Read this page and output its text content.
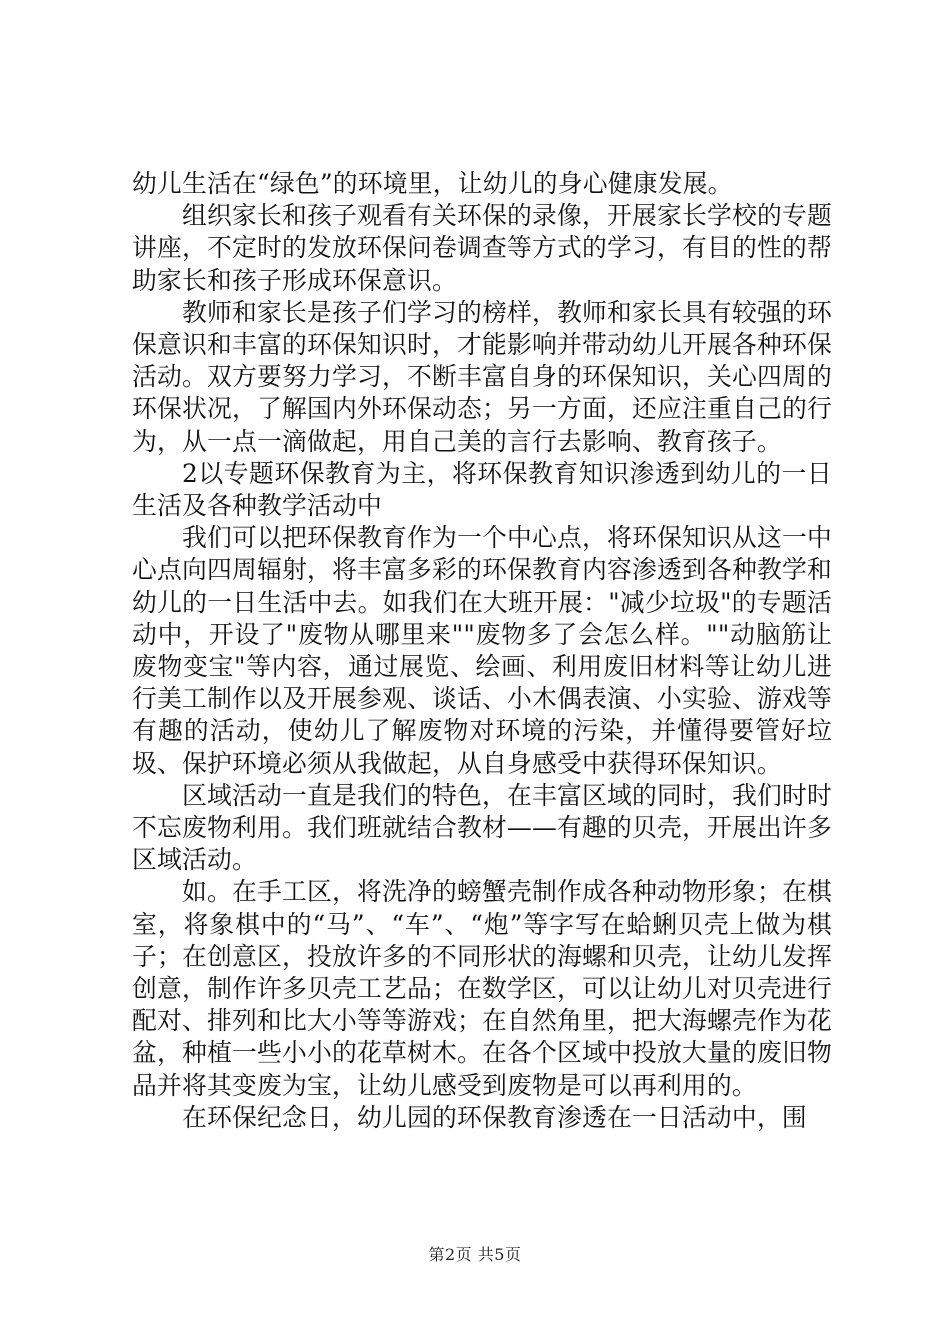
幼儿生活在“绿色”的环境里，让幼儿的身心健康发展。

组织家长和孩子观看有关环保的录像，开展家长学校的专题讲座，不定时的发放环保问卷调查等方式的学习，有目的性的帮助家长和孩子形成环保意识。

教师和家长是孩子们学习的榜样，教师和家长具有较强的环保意识和丰富的环保知识时，才能影响并带动幼儿开展各种环保活动。双方要努力学习，不断丰富自身的环保知识，关心四周的环保状况，了解国内外环保动态；另一方面，还应注重自己的行为，从一点一滴做起，用自己美的言行去影响、教育孩子。

2以专题环保教育为主，将环保教育知识渗透到幼儿的一日生活及各种教学活动中

我们可以把环保教育作为一个中心点，将环保知识从这一中心点向四周辐射，将丰富多彩的环保教育内容渗透到各种教学和幼儿的一日生活中去。如我们在大班开展："减少垃圾"的专题活动中，开设了"废物从哪里来""废物多了会怎么样。""动脑筋让废物变宝"等内容，通过展览、绘画、利用废旧材料等让幼儿进行美工制作以及开展参观、谈话、小木偶表演、小实验、游戏等有趣的活动，使幼儿了解废物对环境的污染，并懂得要管好垃圾、保护环境必须从我做起，从自身感受中获得环保知识。

区域活动一直是我们的特色，在丰富区域的同时，我们时时不忘废物利用。我们班就结合教材——有趣的贝壳，开展出许多区域活动。

如。在手工区，将洗净的螃蟹壳制作成各种动物形象；在棋室，将象棋中的“马”、“车”、“炮”等字写在蛤蜊贝壳上做为棋子；在创意区，投放许多的不同形状的海螺和贝壳，让幼儿发挥创意，制作许多贝壳工艺品；在数学区，可以让幼儿对贝壳进行配对、排列和比大小等等游戏；在自然角里，把大海螺壳作为花盆，种植一些小小的花草树木。在各个区域中投放大量的废旧物品并将其变废为宝，让幼儿感受到废物是可以再利用的。

在环保纪念日，幼儿园的环保教育渗透在一日活动中，围

第2页 共5页
